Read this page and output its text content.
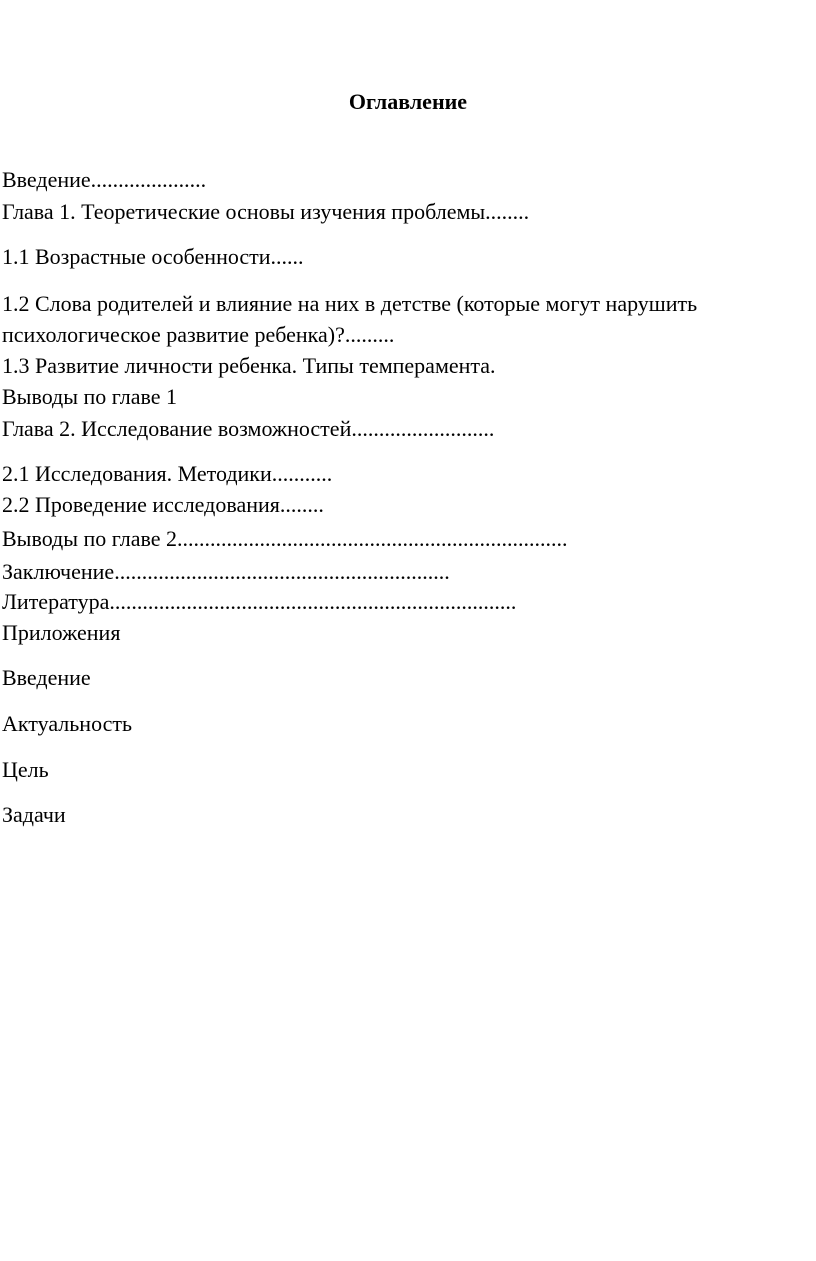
Оглавление
Введение.....................
Глава 1. Теоретические основы изучения проблемы........
1.1 Возрастные особенности......
1.2 Слова родителей и влияние на них в детстве (которые могут нарушить
психологическое развитие ребенка)?.........
1.3 Развитие личности ребенка. Типы темперамента.
Выводы по главе 1
Глава 2. Исследование возможностей..........................
2.1 Исследования. Методики...........
2.2 Проведение исследования........
Выводы по главе 2.......................................................................
Заключение.............................................................
Литература..........................................................................
Приложения
Введение
Актуальность
Цель
Задачи
